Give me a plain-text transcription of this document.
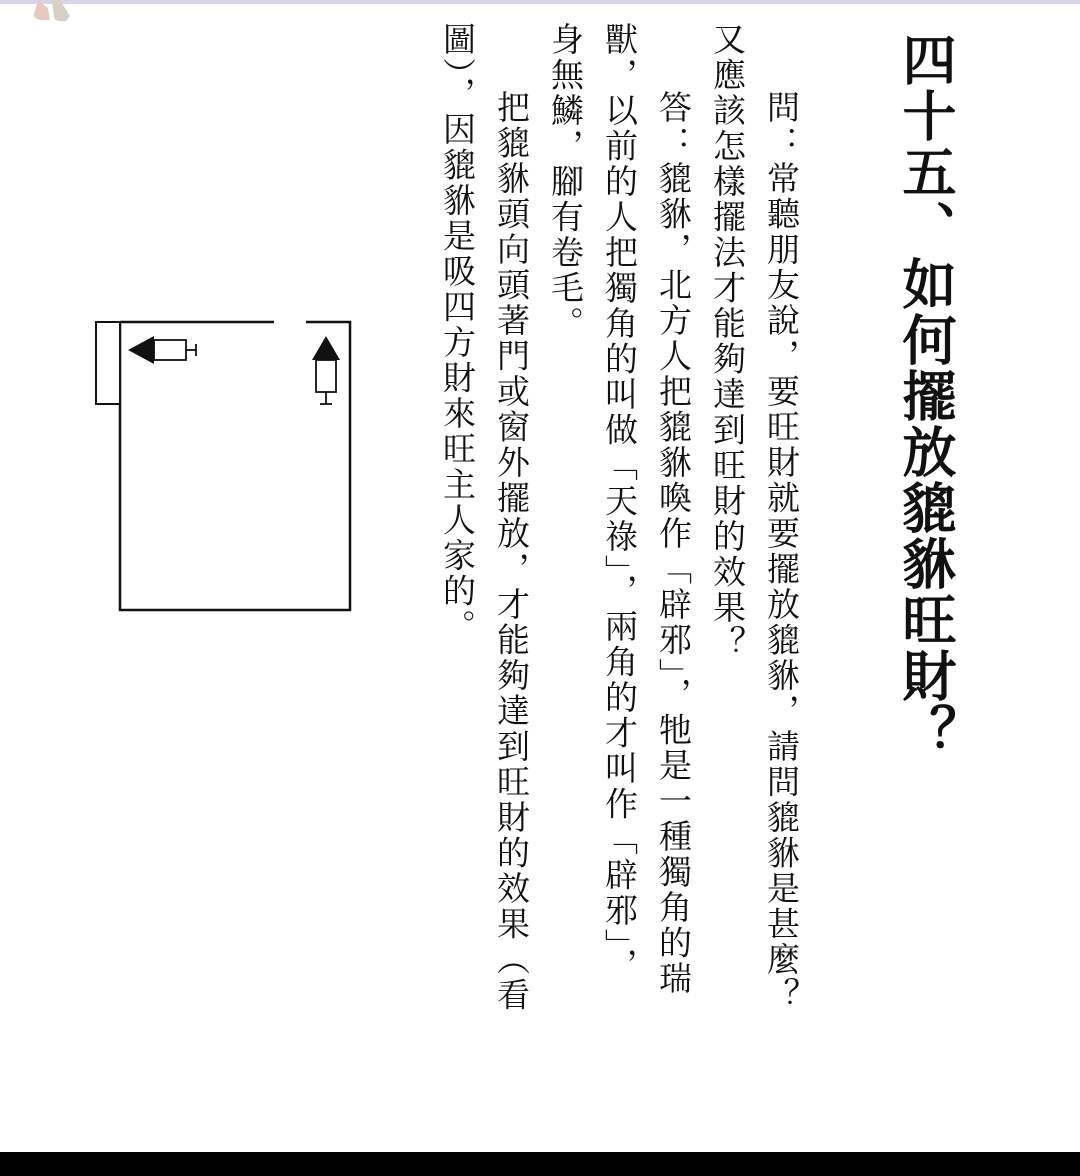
四十五、如何擺放貔貅旺財？
問：常聽朋友說，要旺財就要擺放貔貅，請問貔貅是甚麼？
又應該怎樣擺法才能夠達到旺財的效果？
答：貔貅，北方人把貔貅喚作「辟邪」，牠是一種獨角的瑞
獸，以前的人把獨角的叫做「天祿」，兩角的才叫作「辟邪」，
身無鱗，腳有卷毛。
把貔貅頭向頭著門或窗外擺放，才能夠達到旺財的效果（看
圖），因貔貅是吸四方財來旺主人家的。
